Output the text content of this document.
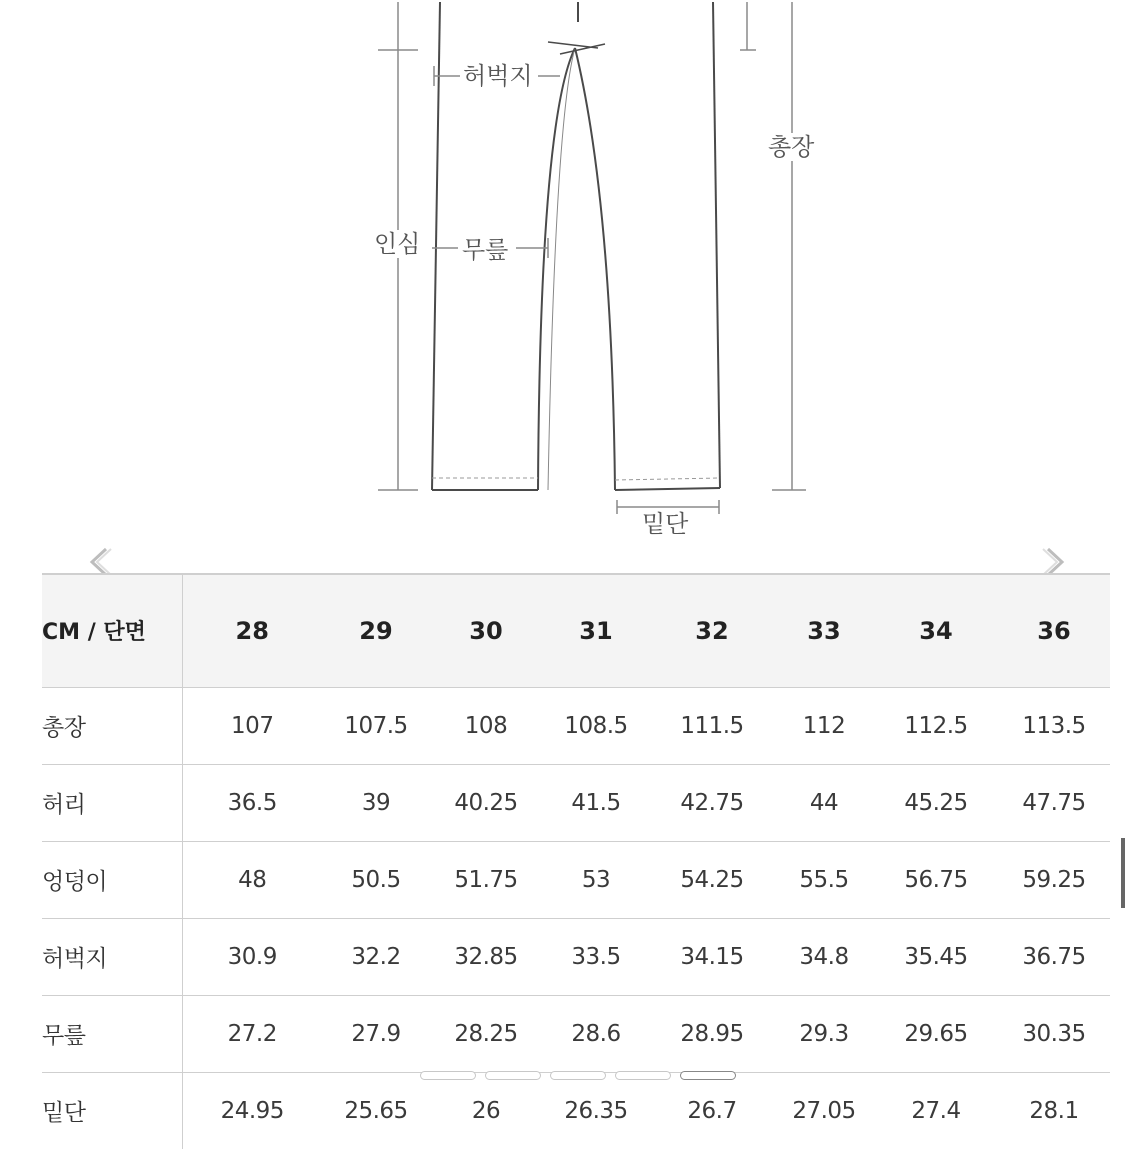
허벅지
총장
인심 무릎
밑단
CM / 단면	28	29	30	31	32	33	34	36
총장	107	107.5	108	108.5	111.5	112	112.5	113.5
허리	36.5	39	40.25	41.5	42.75	44	45.25	47.75
엉덩이	48	50.5	51.75	53	54.25	55.5	56.75	59.25
허벅지	30.9	32.2	32.85	33.5	34.15	34.8	35.45	36.75
무릎	27.2	27.9	28.25	28.6	28.95	29.3	29.65	30.35
밑단	24.95	25.65	26	26.35	26.7	27.05	27.4	28.1
